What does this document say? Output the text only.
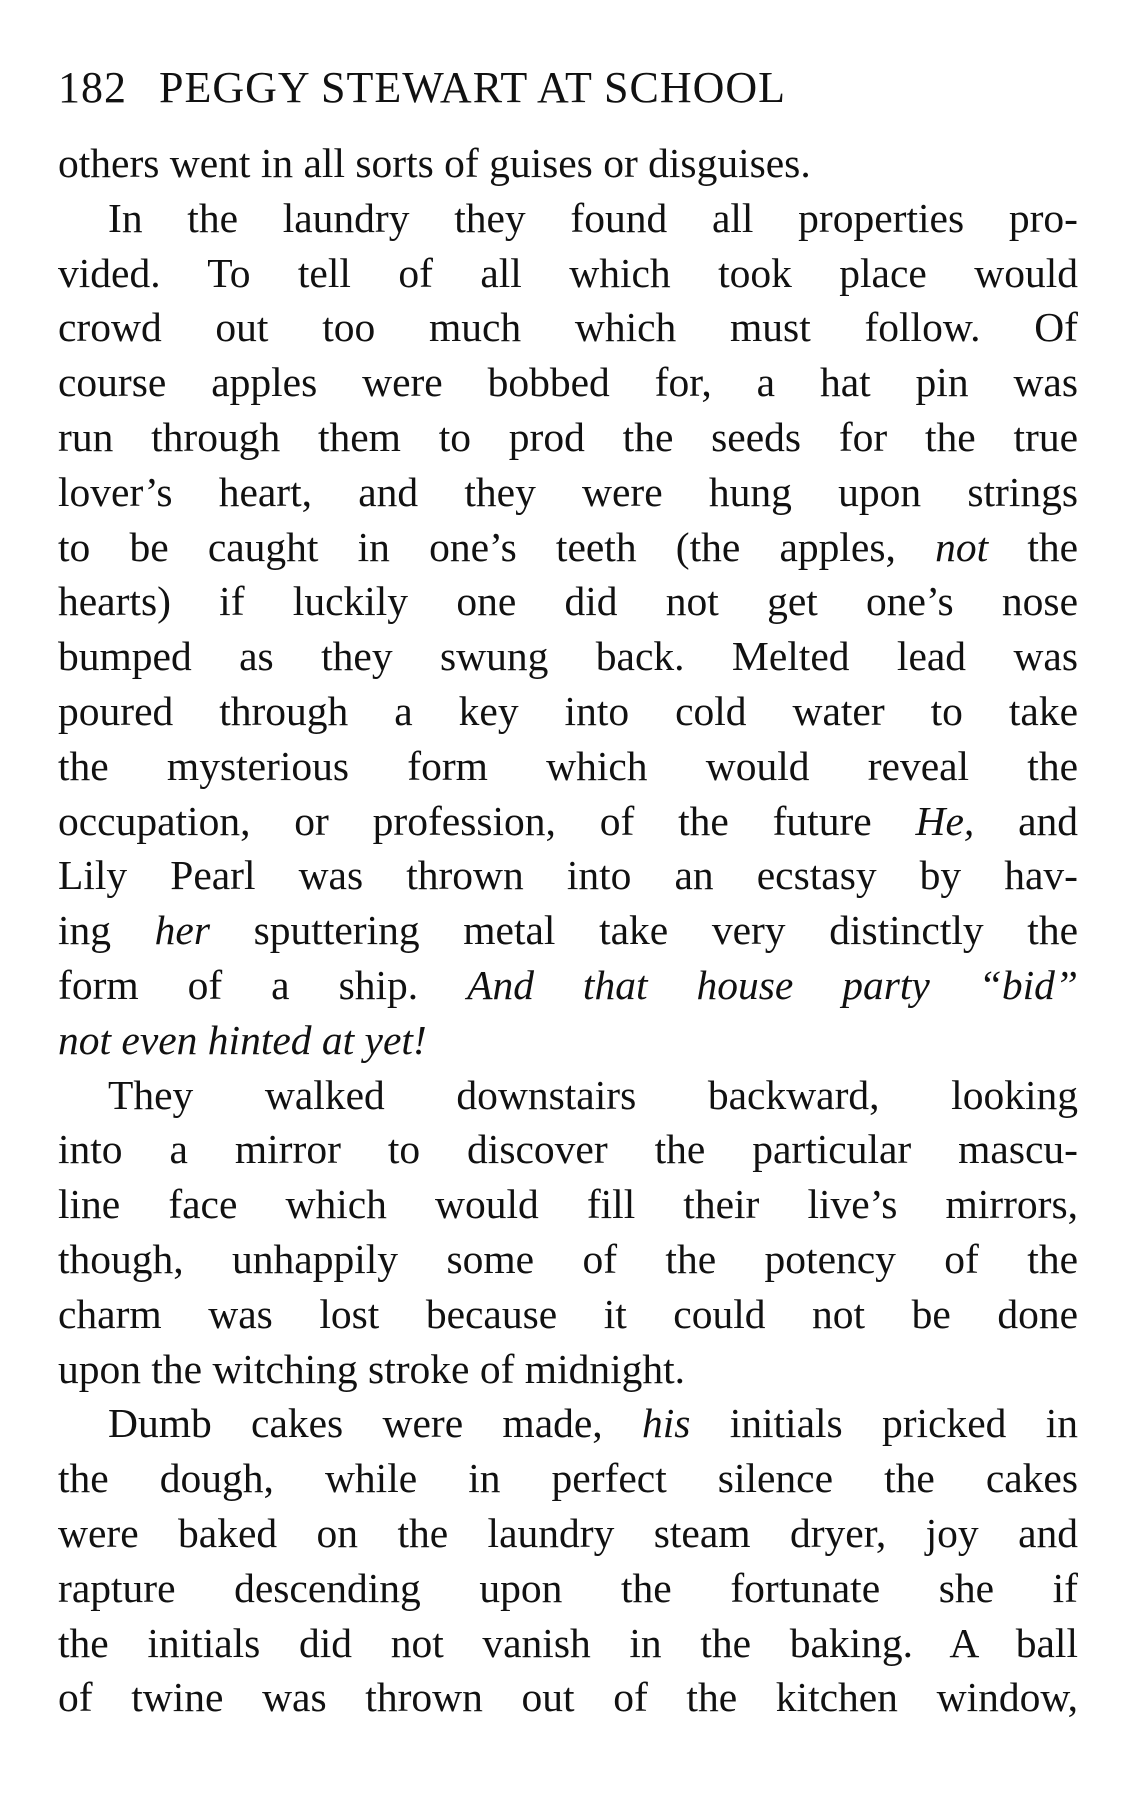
182 PEGGY STEWART AT SCHOOL
others went in all sorts of guises or disguises.
In the laundry they found all properties pro-
vided. To tell of all which took place would
crowd out too much which must follow. Of
course apples were bobbed for, a hat pin was
run through them to prod the seeds for the true
lover’s heart, and they were hung upon strings
to be caught in one’s teeth (the apples, not the
hearts) if luckily one did not get one’s nose
bumped as they swung back. Melted lead was
poured through a key into cold water to take
the mysterious form which would reveal the
occupation, or profession, of the future He, and
Lily Pearl was thrown into an ecstasy by hav-
ing her sputtering metal take very distinctly the
form of a ship. And that house party “bid”
not even hinted at yet!
They walked downstairs backward, looking
into a mirror to discover the particular mascu-
line face which would fill their live’s mirrors,
though, unhappily some of the potency of the
charm was lost because it could not be done
upon the witching stroke of midnight.
Dumb cakes were made, his initials pricked in
the dough, while in perfect silence the cakes
were baked on the laundry steam dryer, joy and
rapture descending upon the fortunate she if
the initials did not vanish in the baking. A ball
of twine was thrown out of the kitchen window,
